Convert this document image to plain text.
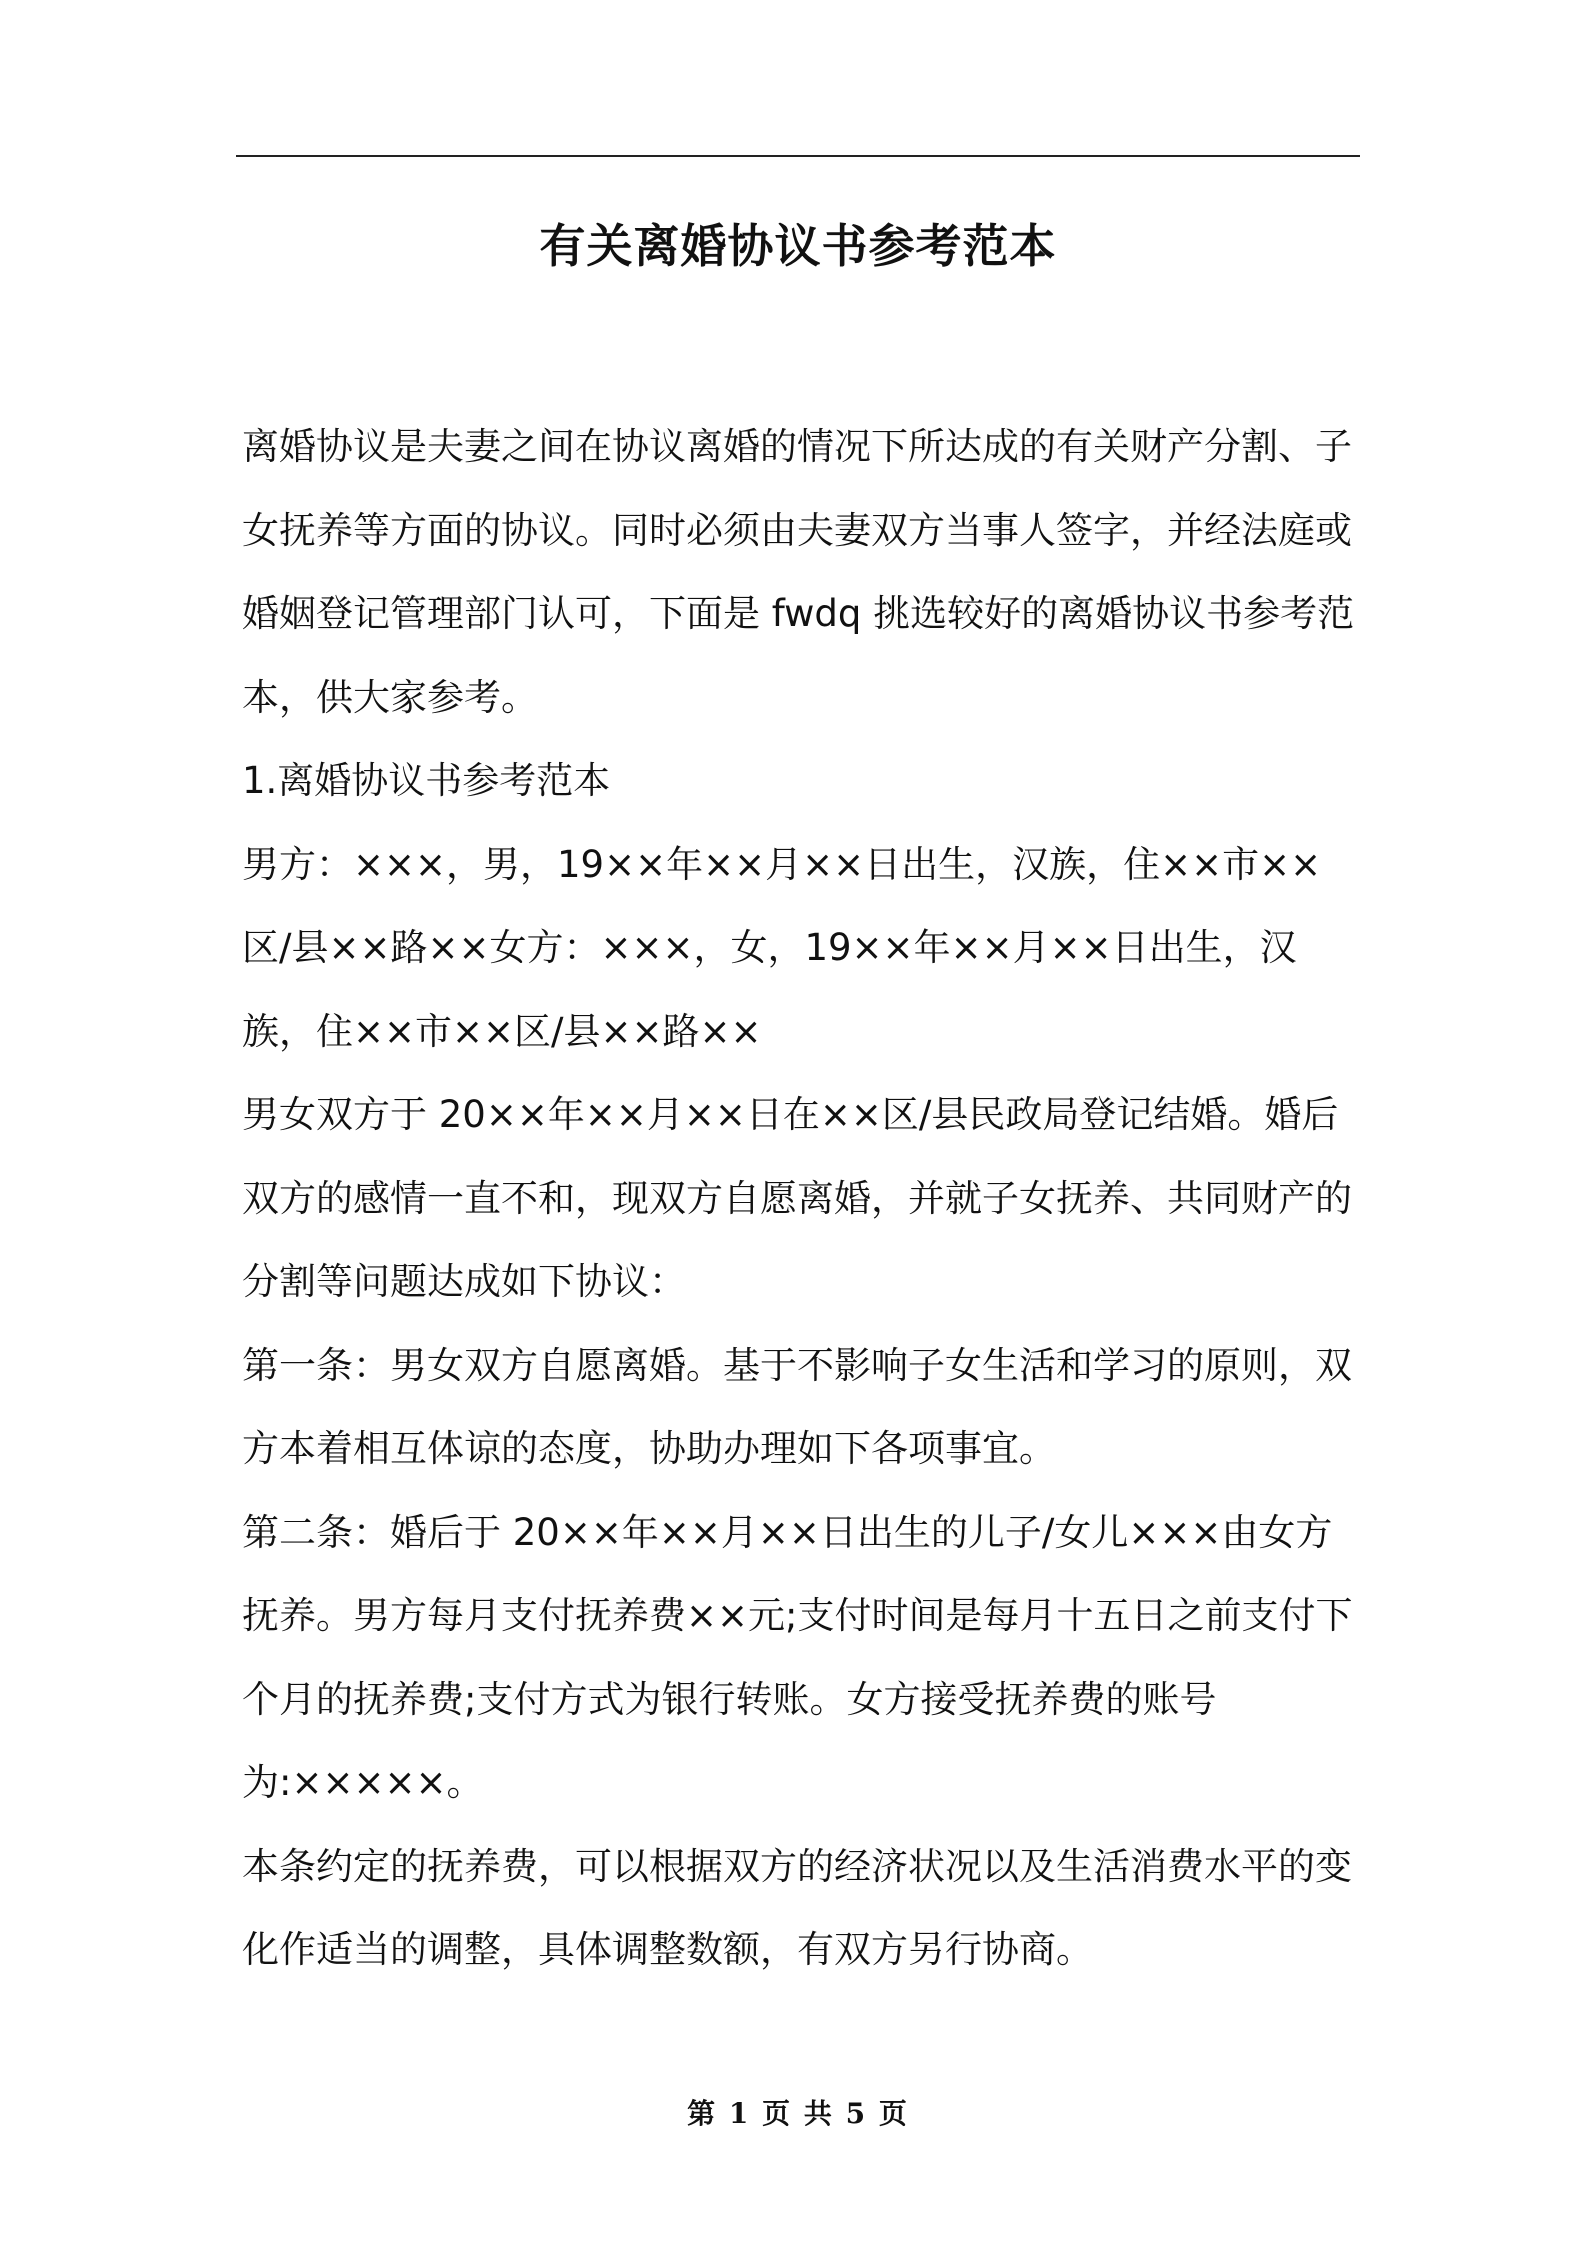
有关离婚协议书参考范本

离婚协议是夫妻之间在协议离婚的情况下所达成的有关财产分割、子女抚养等方面的协议。同时必须由夫妻双方当事人签字，并经法庭或婚姻登记管理部门认可，下面是 fwdq 挑选较好的离婚协议书参考范本，供大家参考。

1.离婚协议书参考范本

男方：×××，男，19××年××月××日出生，汉族，住××市××区/县××路××女方：×××，女，19××年××月××日出生，汉族，住××市××区/县××路××

男女双方于 20××年××月××日在××区/县民政局登记结婚。婚后双方的感情一直不和，现双方自愿离婚，并就子女抚养、共同财产的分割等问题达成如下协议：

第一条：男女双方自愿离婚。基于不影响子女生活和学习的原则，双方本着相互体谅的态度，协助办理如下各项事宜。

第二条：婚后于 20××年××月××日出生的儿子/女儿×××由女方抚养。男方每月支付抚养费××元;支付时间是每月十五日之前支付下个月的抚养费;支付方式为银行转账。女方接受抚养费的账号为:×××××。

本条约定的抚养费，可以根据双方的经济状况以及生活消费水平的变化作适当的调整，具体调整数额，有双方另行协商。

第 1 页 共 5 页
